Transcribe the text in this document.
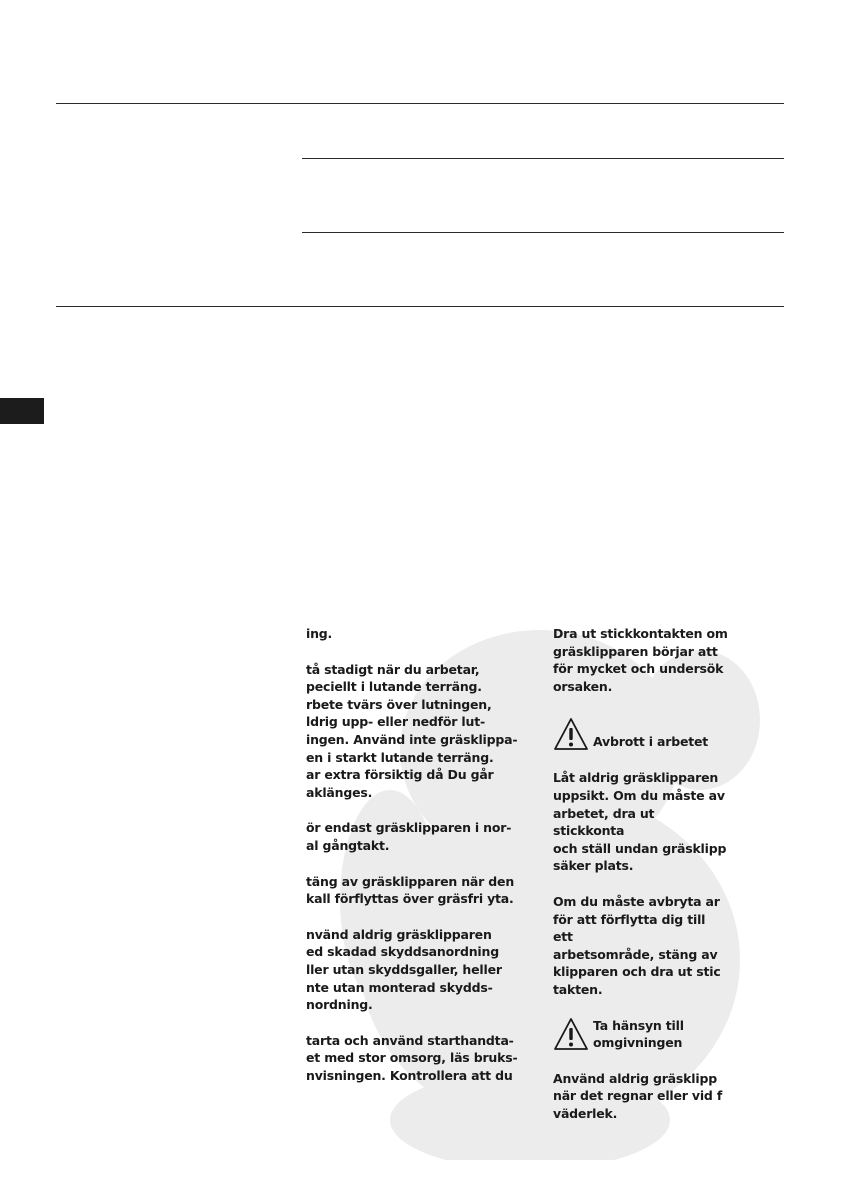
ing.

tå stadigt när du arbetar,
peciellt i lutande terräng.
rbete tvärs över lutningen,
ldrig upp- eller nedför lut-
ingen. Använd inte gräsklippa-
en i starkt lutande terräng.

ar extra försiktig då Du går
aklänges.

ör endast gräsklipparen i nor-
al gångtakt.

täng av gräsklipparen när den
kall förflyttas över gräsfri yta.

nvänd aldrig gräsklipparen
ed skadad skyddsanordning
ller utan skyddsgaller, heller
nte utan monterad skydds-
nordning.

tarta och använd starthandta-
et med stor omsorg, läs bruks-
nvisningen. Kontrollera att du

Dra ut stickkontakten om
gräsklipparen börjar att
för mycket och undersök
orsaken.

Avbrott i arbetet

Låt aldrig gräsklipparen
uppsikt. Om du måste av
arbetet, dra ut stickkonta
och ställ undan gräsklipp
säker plats.

Om du måste avbryta ar
för att förflytta dig till ett
arbetsområde, stäng av
klipparen och dra ut stic
takten.

Ta hänsyn till
omgivningen

Använd aldrig gräsklipp
när det regnar eller vid f
väderlek.
